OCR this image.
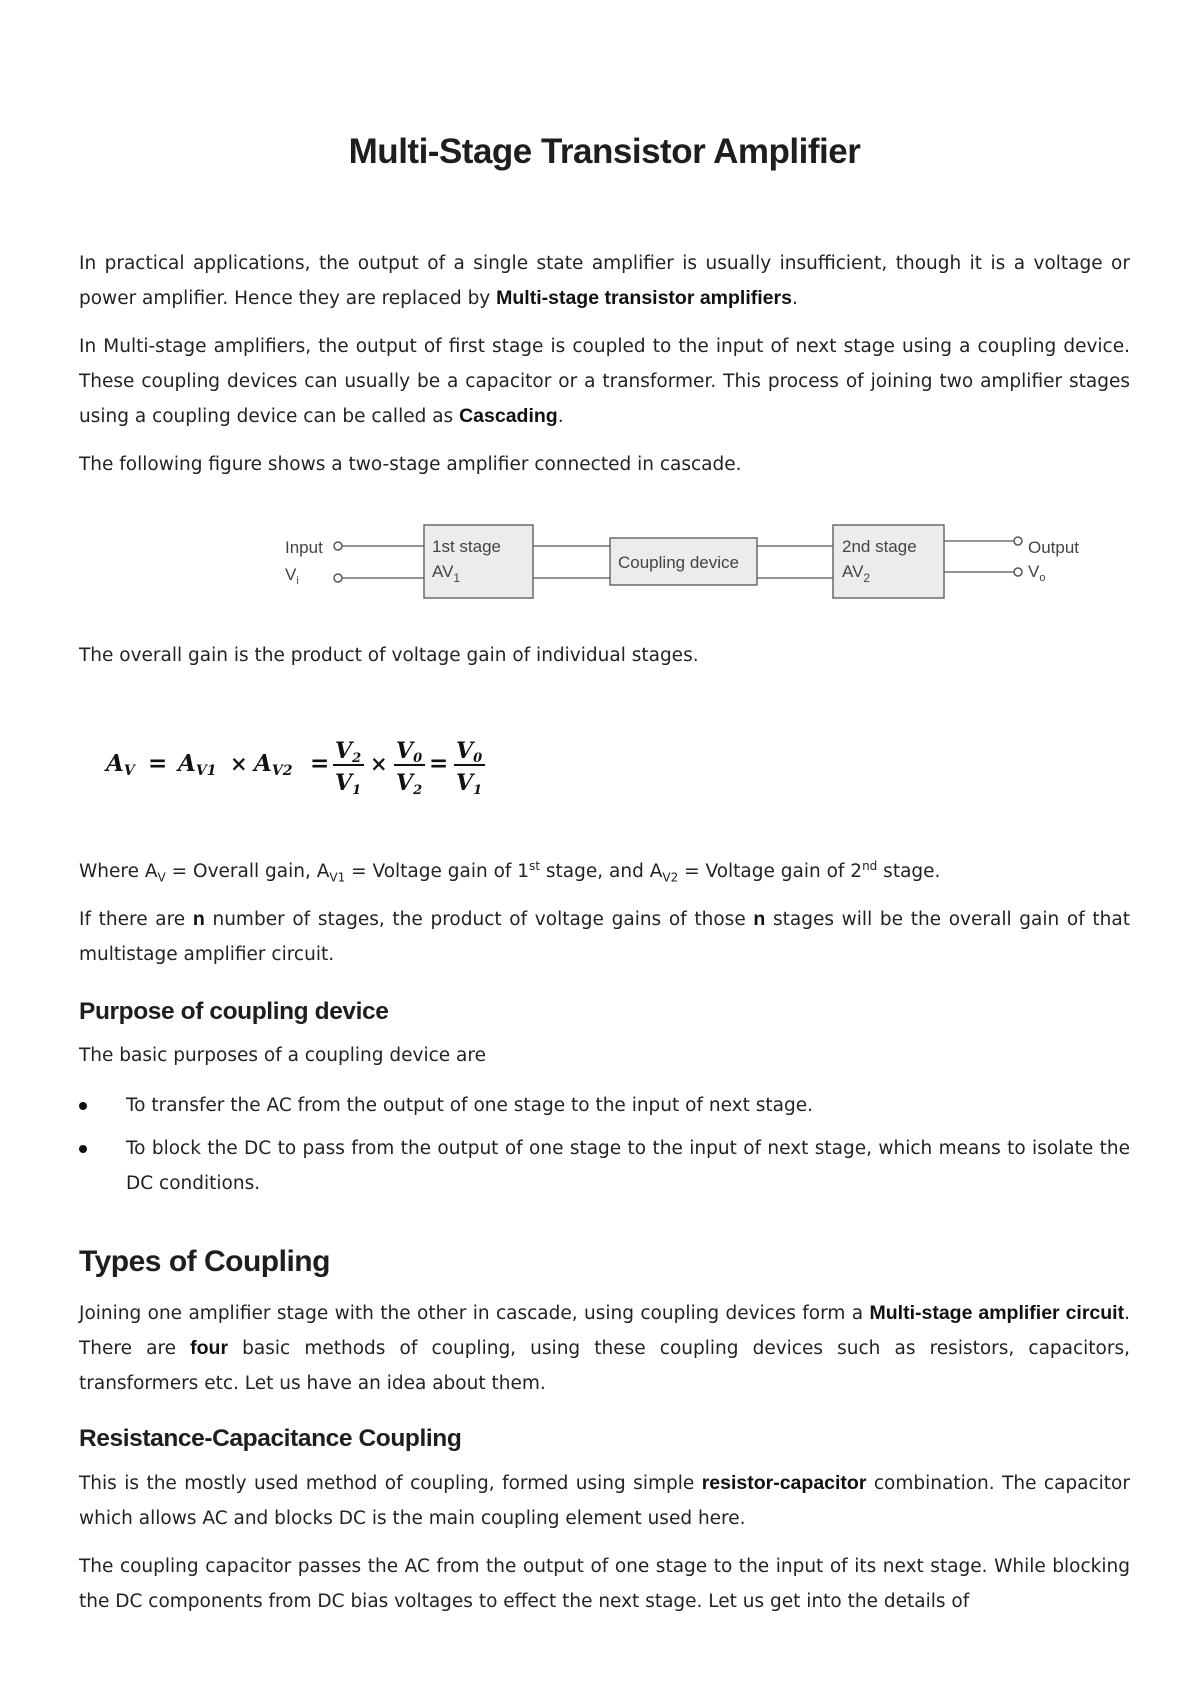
Multi-Stage Transistor Amplifier

In practical applications, the output of a single state amplifier is usually insufficient, though it is a voltage or power amplifier. Hence they are replaced by Multi-stage transistor amplifiers.

In Multi-stage amplifiers, the output of first stage is coupled to the input of next stage using a coupling device. These coupling devices can usually be a capacitor or a transformer. This process of joining two amplifier stages using a coupling device can be called as Cascading.

The following figure shows a two-stage amplifier connected in cascade.

Input
$V_i$
1st stage
$AV_1$
Coupling device
2nd stage
$AV_2$
Output
$V_o$

The overall gain is the product of voltage gain of individual stages.

AV = AV1 × AV2 = V2
V1
× V0
V2
= V0
V1

Where $A_V$ = Overall gain, $A_{V1}$ = Voltage gain of 1st stage, and $A_{V2}$ = Voltage gain of 2nd stage.

If there are n number of stages, the product of voltage gains of those n stages will be the overall gain of that multistage amplifier circuit.

Purpose of coupling device

The basic purposes of a coupling device are

To transfer the AC from the output of one stage to the input of next stage.
To block the DC to pass from the output of one stage to the input of next stage, which means to isolate the DC conditions.
Types of Coupling

Joining one amplifier stage with the other in cascade, using coupling devices form a Multi-stage amplifier circuit. There are four basic methods of coupling, using these coupling devices such as resistors, capacitors, transformers etc. Let us have an idea about them.

Resistance-Capacitance Coupling

This is the mostly used method of coupling, formed using simple resistor-capacitor combination. The capacitor which allows AC and blocks DC is the main coupling element used here.

The coupling capacitor passes the AC from the output of one stage to the input of its next stage. While blocking the DC components from DC bias voltages to effect the next stage. Let us get into the details of
